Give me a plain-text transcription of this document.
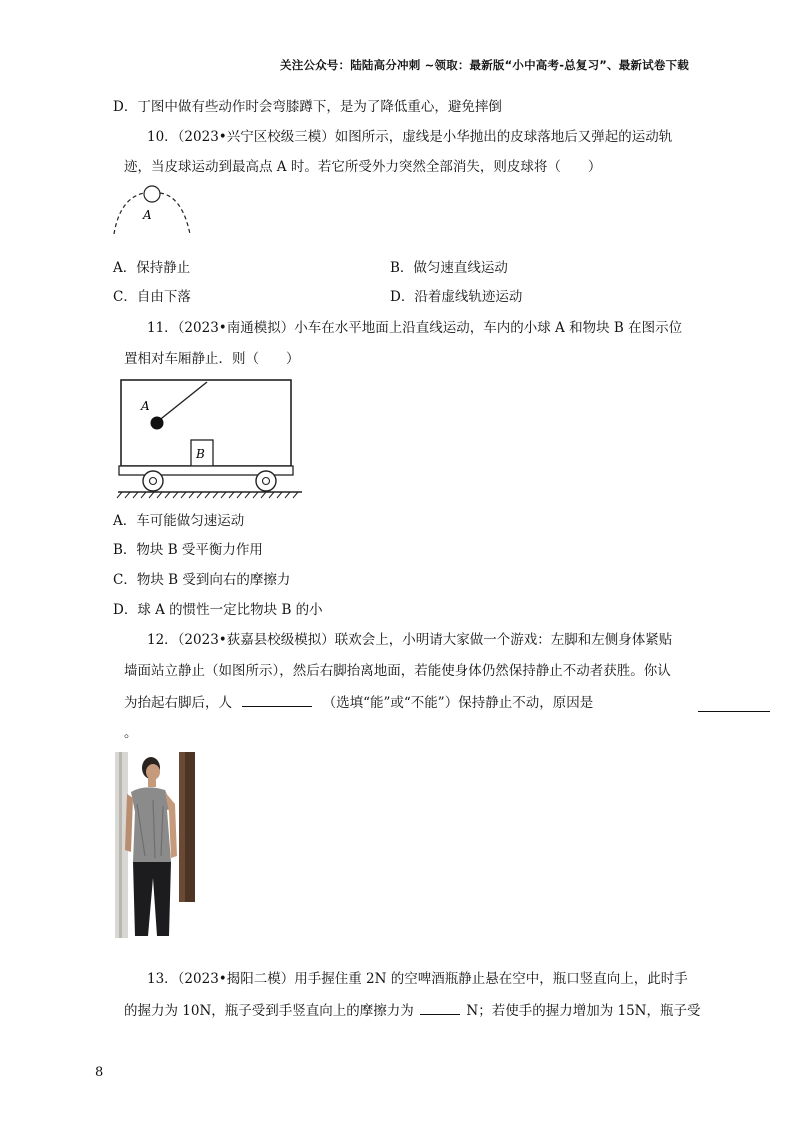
关注公众号：陆陆高分冲刺 ~领取：最新版“小中高考-总复习”、最新试卷下载
D．丁图中做有些动作时会弯膝蹲下，是为了降低重心，避免摔倒
10．（2023•兴宁区校级三模）如图所示，虚线是小华抛出的皮球落地后又弹起的运动轨
迹，当皮球运动到最高点 A 时。若它所受外力突然全部消失，则皮球将（　　）
A
A．保持静止	B．做匀速直线运动
C．自由下落	D．沿着虚线轨迹运动
11．（2023•南通模拟）小车在水平地面上沿直线运动，车内的小球 A 和物块 B 在图示位
置相对车厢静止．则（　　）
A
B
A．车可能做匀速运动
B．物块 B 受平衡力作用
C．物块 B 受到向右的摩擦力
D．球 A 的惯性一定比物块 B 的小
12．（2023•荻嘉县校级模拟）联欢会上，小明请大家做一个游戏：左脚和左侧身体紧贴
墙面站立静止（如图所示），然后右脚抬离地面，若能使身体仍然保持静止不动者获胜。你认
为抬起右脚后，人	（选填“能”或“不能”）保持静止不动，原因是
。
13．（2023•揭阳二模）用手握住重 2N 的空啤酒瓶静止悬在空中，瓶口竖直向上，此时手
的握力为 10N，瓶子受到手竖直向上的摩擦力为	N；若使手的握力增加为 15N，瓶子受
8
